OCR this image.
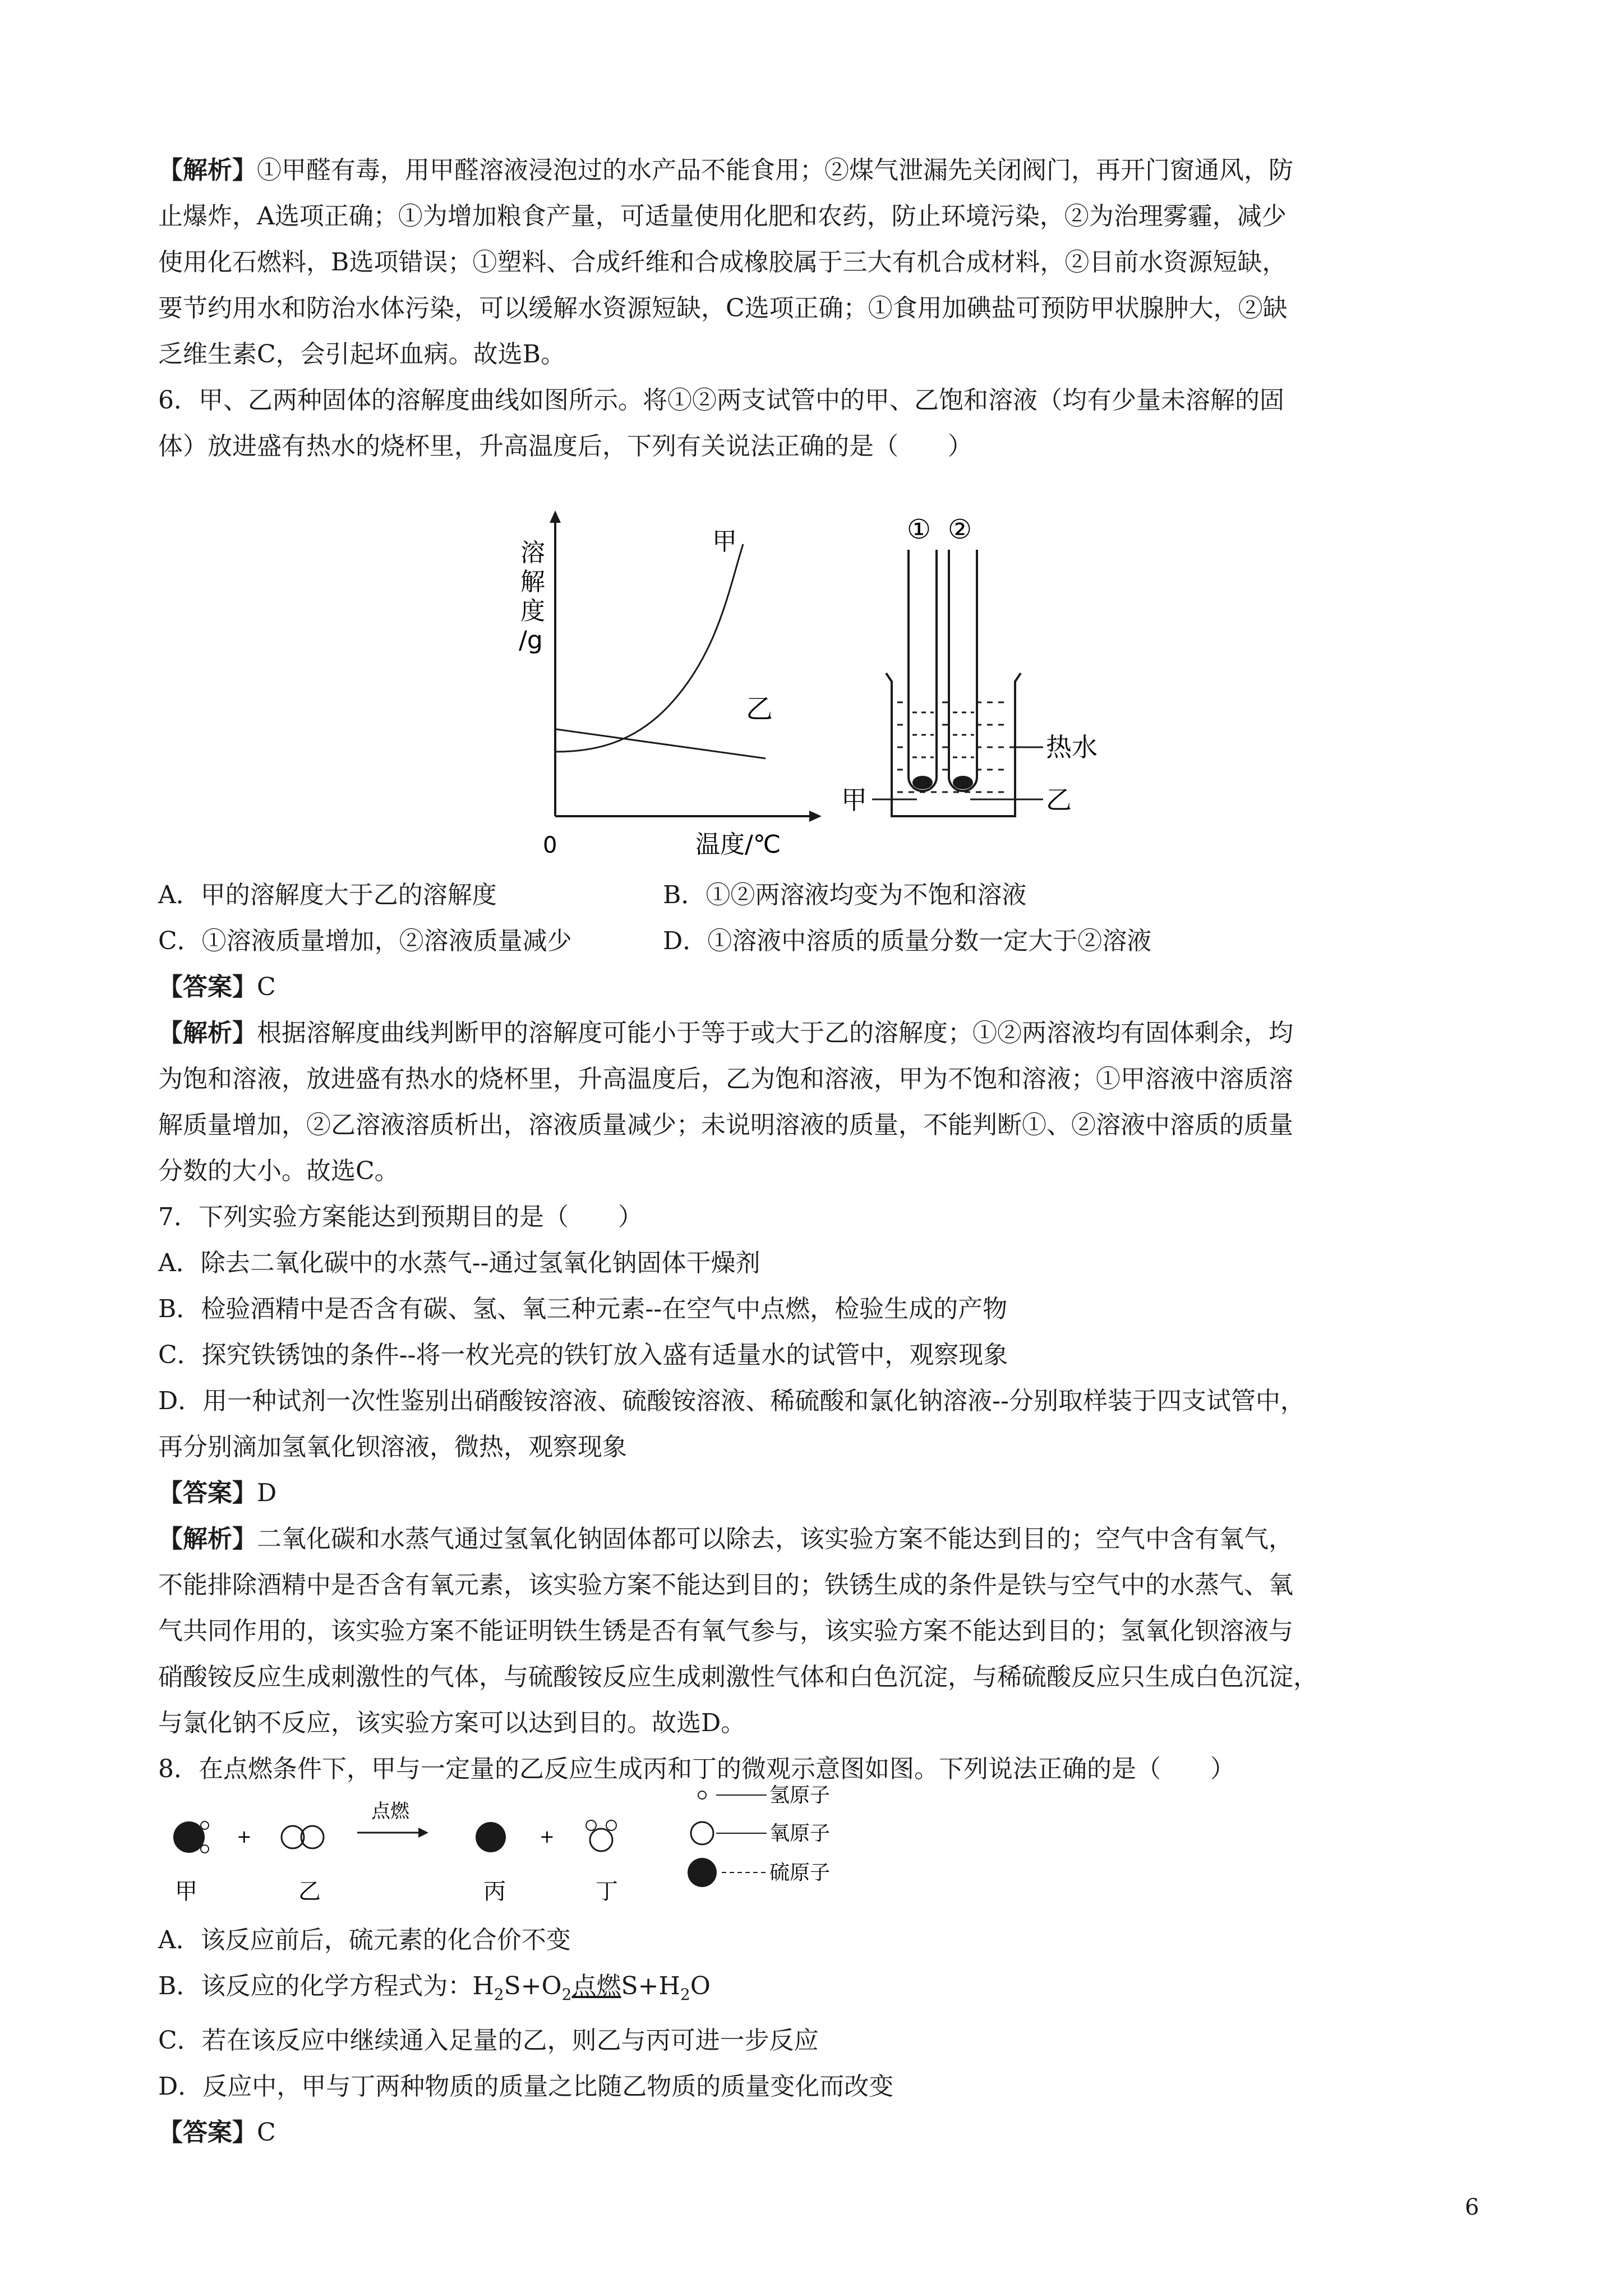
【解析】①甲醛有毒，用甲醛溶液浸泡过的水产品不能食用；②煤气泄漏先关闭阀门，再开门窗通风，防

止爆炸，A选项正确；①为增加粮食产量，可适量使用化肥和农药，防止环境污染，②为治理雾霾，减少

使用化石燃料，B选项错误；①塑料、合成纤维和合成橡胶属于三大有机合成材料，②目前水资源短缺，

要节约用水和防治水体污染，可以缓解水资源短缺，C选项正确；①食用加碘盐可预防甲状腺肿大，②缺

乏维生素C，会引起坏血病。故选B。

6．甲、乙两种固体的溶解度曲线如图所示。将①②两支试管中的甲、乙饱和溶液（均有少量未溶解的固

体）放进盛有热水的烧杯里，升高温度后，下列有关说法正确的是（　　）

溶
解
度
/g
甲
乙
0	温度/℃
① ②
热水
甲	乙
A．甲的溶解度大于乙的溶解度	B．①②两溶液均变为不饱和溶液
C．①溶液质量增加，②溶液质量减少	D．①溶液中溶质的质量分数一定大于②溶液

【答案】C

【解析】根据溶解度曲线判断甲的溶解度可能小于等于或大于乙的溶解度；①②两溶液均有固体剩余，均

为饱和溶液，放进盛有热水的烧杯里，升高温度后，乙为饱和溶液，甲为不饱和溶液；①甲溶液中溶质溶

解质量增加，②乙溶液溶质析出，溶液质量减少；未说明溶液的质量，不能判断①、②溶液中溶质的质量

分数的大小。故选C。

7．下列实验方案能达到预期目的是（　　）

A．除去二氧化碳中的水蒸气--通过氢氧化钠固体干燥剂

B．检验酒精中是否含有碳、氢、氧三种元素--在空气中点燃，检验生成的产物

C．探究铁锈蚀的条件--将一枚光亮的铁钉放入盛有适量水的试管中，观察现象

D．用一种试剂一次性鉴别出硝酸铵溶液、硫酸铵溶液、稀硫酸和氯化钠溶液--分别取样装于四支试管中，

再分别滴加氢氧化钡溶液，微热，观察现象

【答案】D

【解析】二氧化碳和水蒸气通过氢氧化钠固体都可以除去，该实验方案不能达到目的；空气中含有氧气，

不能排除酒精中是否含有氧元素，该实验方案不能达到目的；铁锈生成的条件是铁与空气中的水蒸气、氧

气共同作用的，该实验方案不能证明铁生锈是否有氧气参与，该实验方案不能达到目的；氢氧化钡溶液与

硝酸铵反应生成刺激性的气体，与硫酸铵反应生成刺激性气体和白色沉淀，与稀硫酸反应只生成白色沉淀，

与氯化钠不反应，该实验方案可以达到目的。故选D。

8．在点燃条件下，甲与一定量的乙反应生成丙和丁的微观示意图如图。下列说法正确的是（　　）

+
点燃
+
甲	乙	丙	丁
氢原子
氧原子
硫原子

A．该反应前后，硫元素的化合价不变

B．该反应的化学方程式为：$H_2S+O_2$点燃$S+H_2O$

C．若在该反应中继续通入足量的乙，则乙与丙可进一步反应

D．反应中，甲与丁两种物质的质量之比随乙物质的质量变化而改变

【答案】C

6
